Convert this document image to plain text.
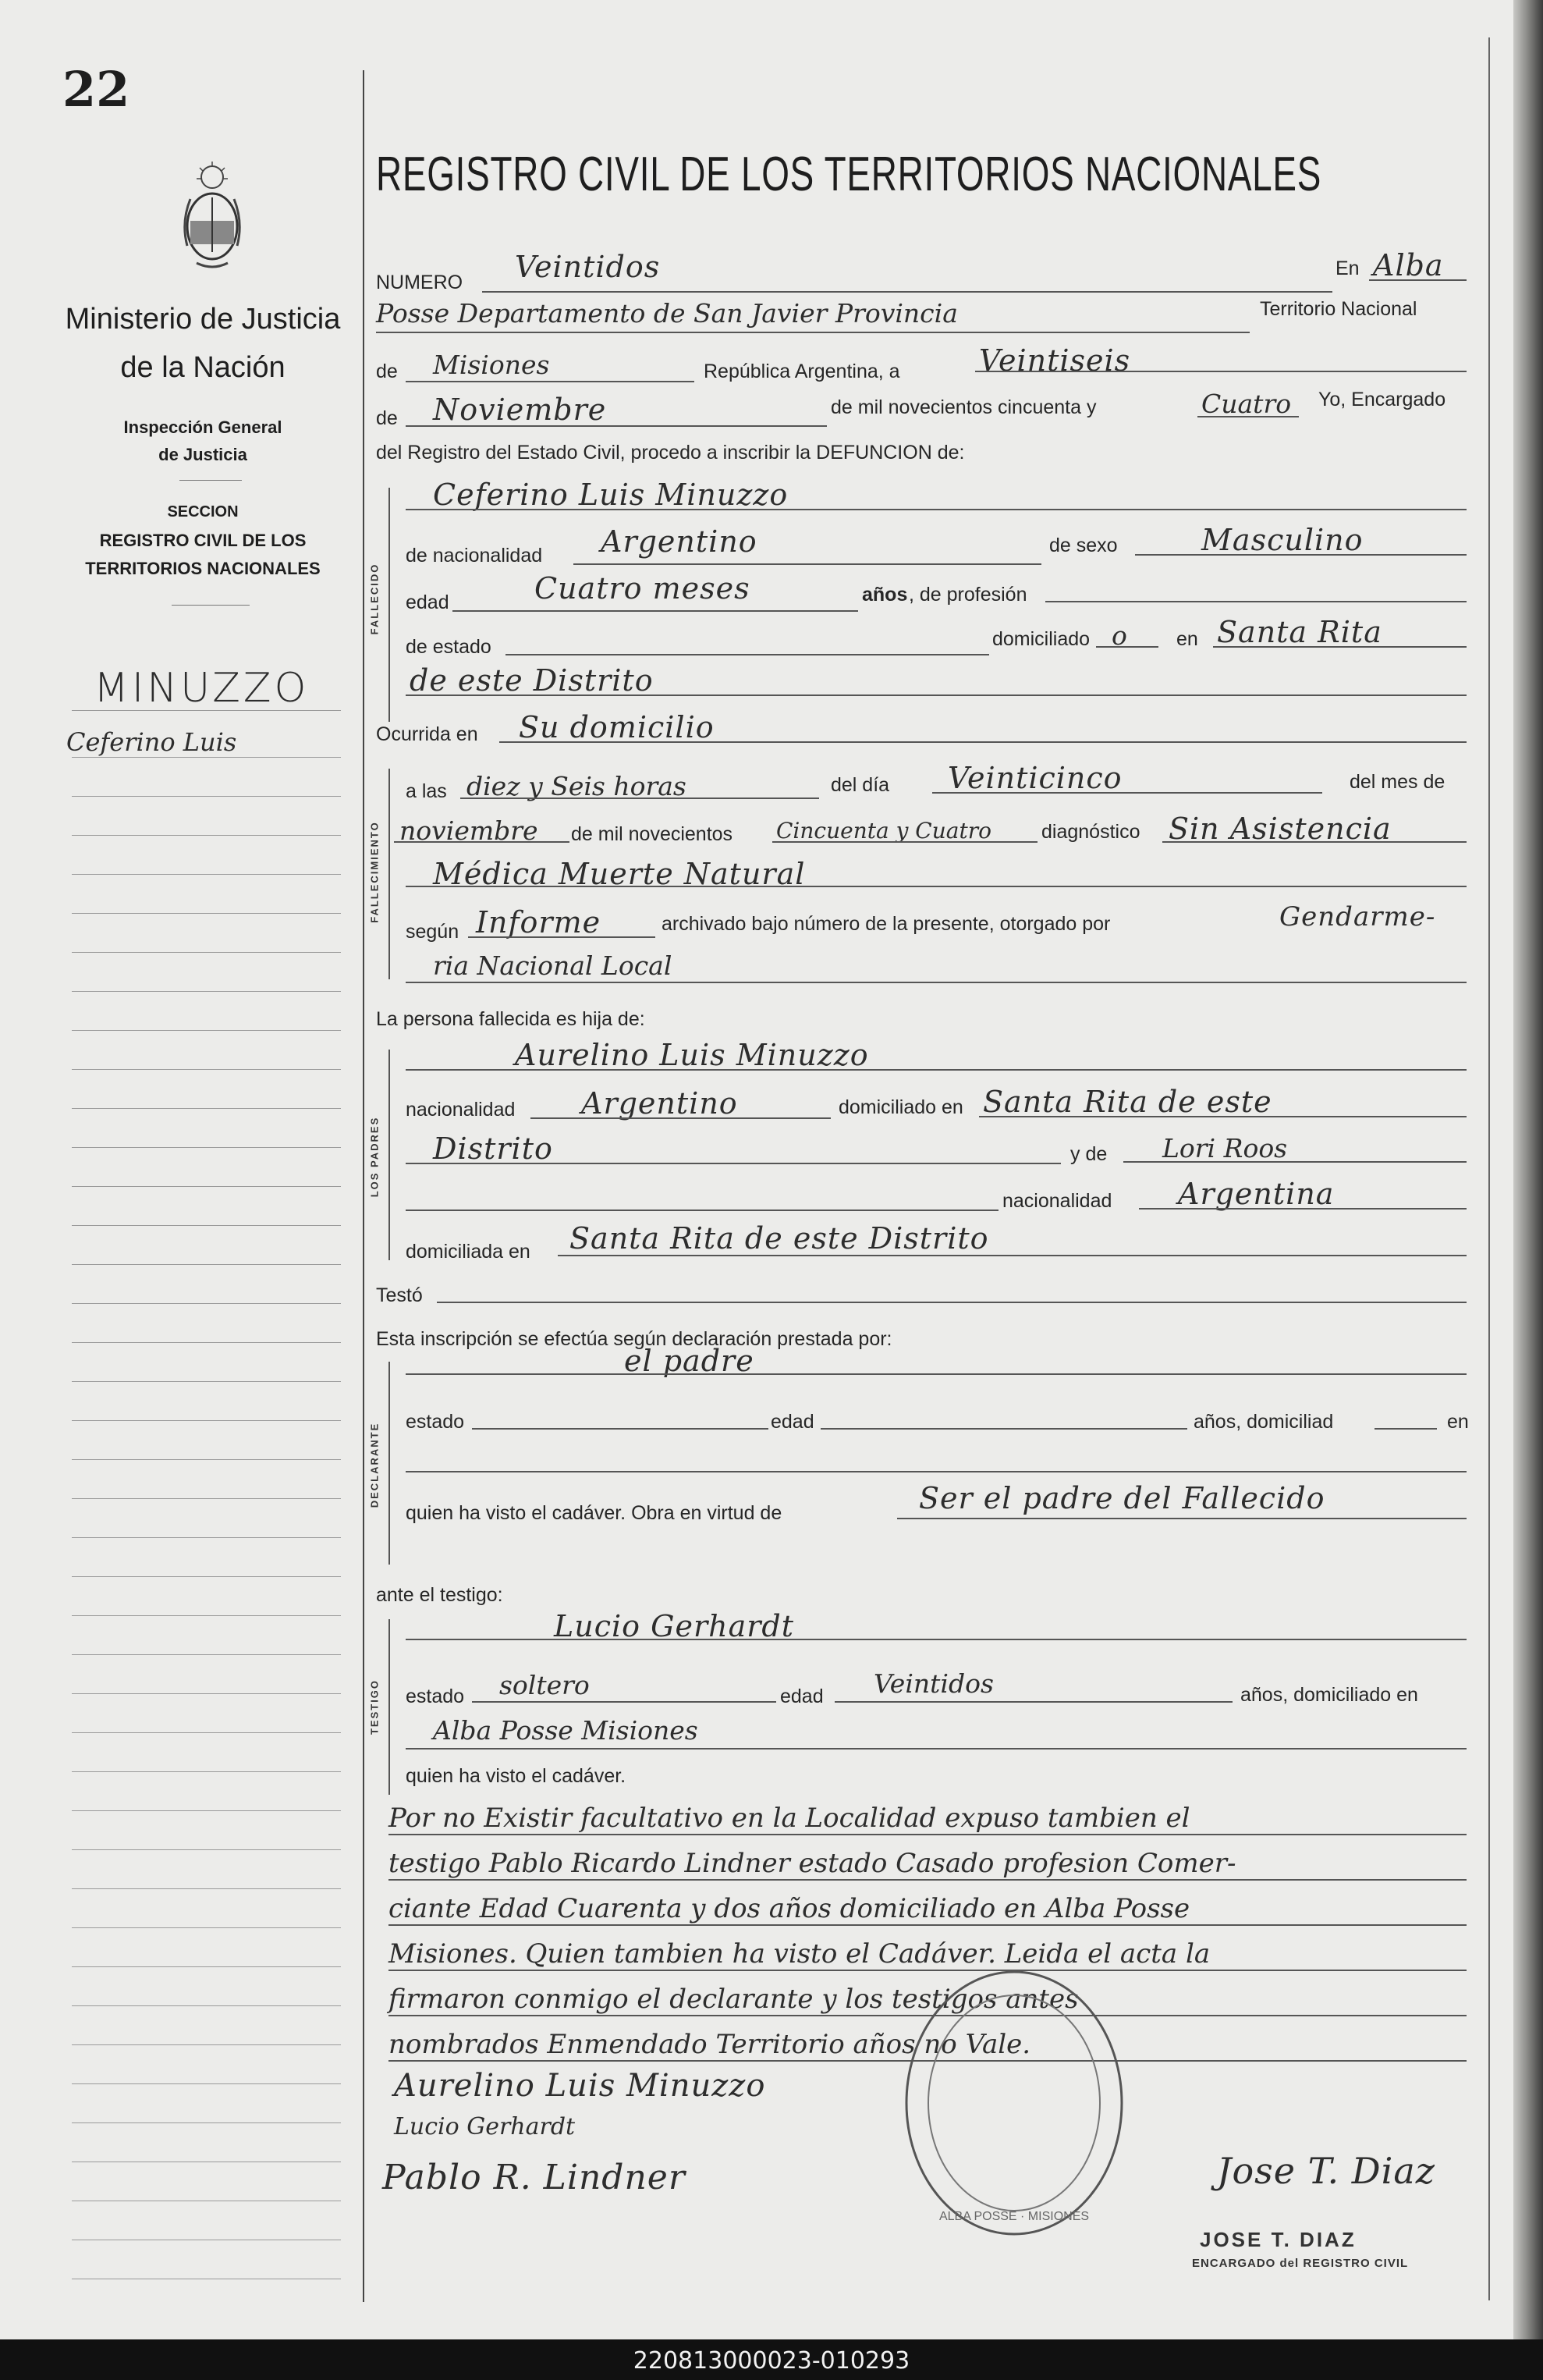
22
Ministerio de Justicia
de la Nación
Inspección General
de Justicia
SECCION
REGISTRO CIVIL DE LOS
TERRITORIOS NACIONALES
MINUZZO
Ceferino Luis
REGISTRO CIVIL DE LOS TERRITORIOS NACIONALES
NUMERO Veintidos	En Alba
Posse Departamento de San Javier Provincia	Territorio Nacional
de Misiones	República Argentina, a	Veintiseis
de Noviembre	de mil novecientos cincuenta y	Cuatro Yo, Encargado
del Registro del Estado Civil, procedo a inscribir la DEFUNCION de:
FALLECIDO
Ceferino Luis Minuzzo
de nacionalidad Argentino	de sexo	Masculino
edad	Cuatro meses	años , de profesión
de estado	domiciliado o	en Santa Rita
de este Distrito
Ocurrida en Su domicilio
FALLECIMIENTO
a las diez y Seis horas	del día Veinticinco	del mes de
noviembre de mil novecientos Cincuenta y Cuatro	diagnóstico Sin Asistencia
Médica Muerte Natural
según Informe	archivado bajo número de la presente, otorgado por	Gendarme-
ria Nacional Local
La persona fallecida es hija de:
LOS PADRES
Aurelino Luis Minuzzo
nacionalidad Argentino	domiciliado en Santa Rita de este
Distrito	y de Lori Roos
nacionalidad Argentina
domiciliada en Santa Rita de este Distrito
Testó
Esta inscripción se efectúa según declaración prestada por:
DECLARANTE
el padre
estado	edad	años, domiciliad	en
quien ha visto el cadáver. Obra en virtud de	Ser el padre del Fallecido
ante el testigo:
TESTIGO
Lucio Gerhardt
estado soltero	edad Veintidos	años, domiciliado en
Alba Posse Misiones
quien ha visto el cadáver.
Por no Existir facultativo en la Localidad expuso tambien el
testigo Pablo Ricardo Lindner estado Casado profesion Comer-
ciante Edad Cuarenta y dos años domiciliado en Alba Posse
Misiones. Quien tambien ha visto el Cadáver. Leida el acta la
firmaron conmigo el declarante y los testigos antes
nombrados Enmendado Territorio años no Vale.
ALBA POSSE · MISIONES
Aurelino Luis Minuzzo
Lucio Gerhardt
Pablo R. Lindner	Jose T. Diaz
JOSE T. DIAZ
ENCARGADO del REGISTRO CIVIL
220813000023-010293
